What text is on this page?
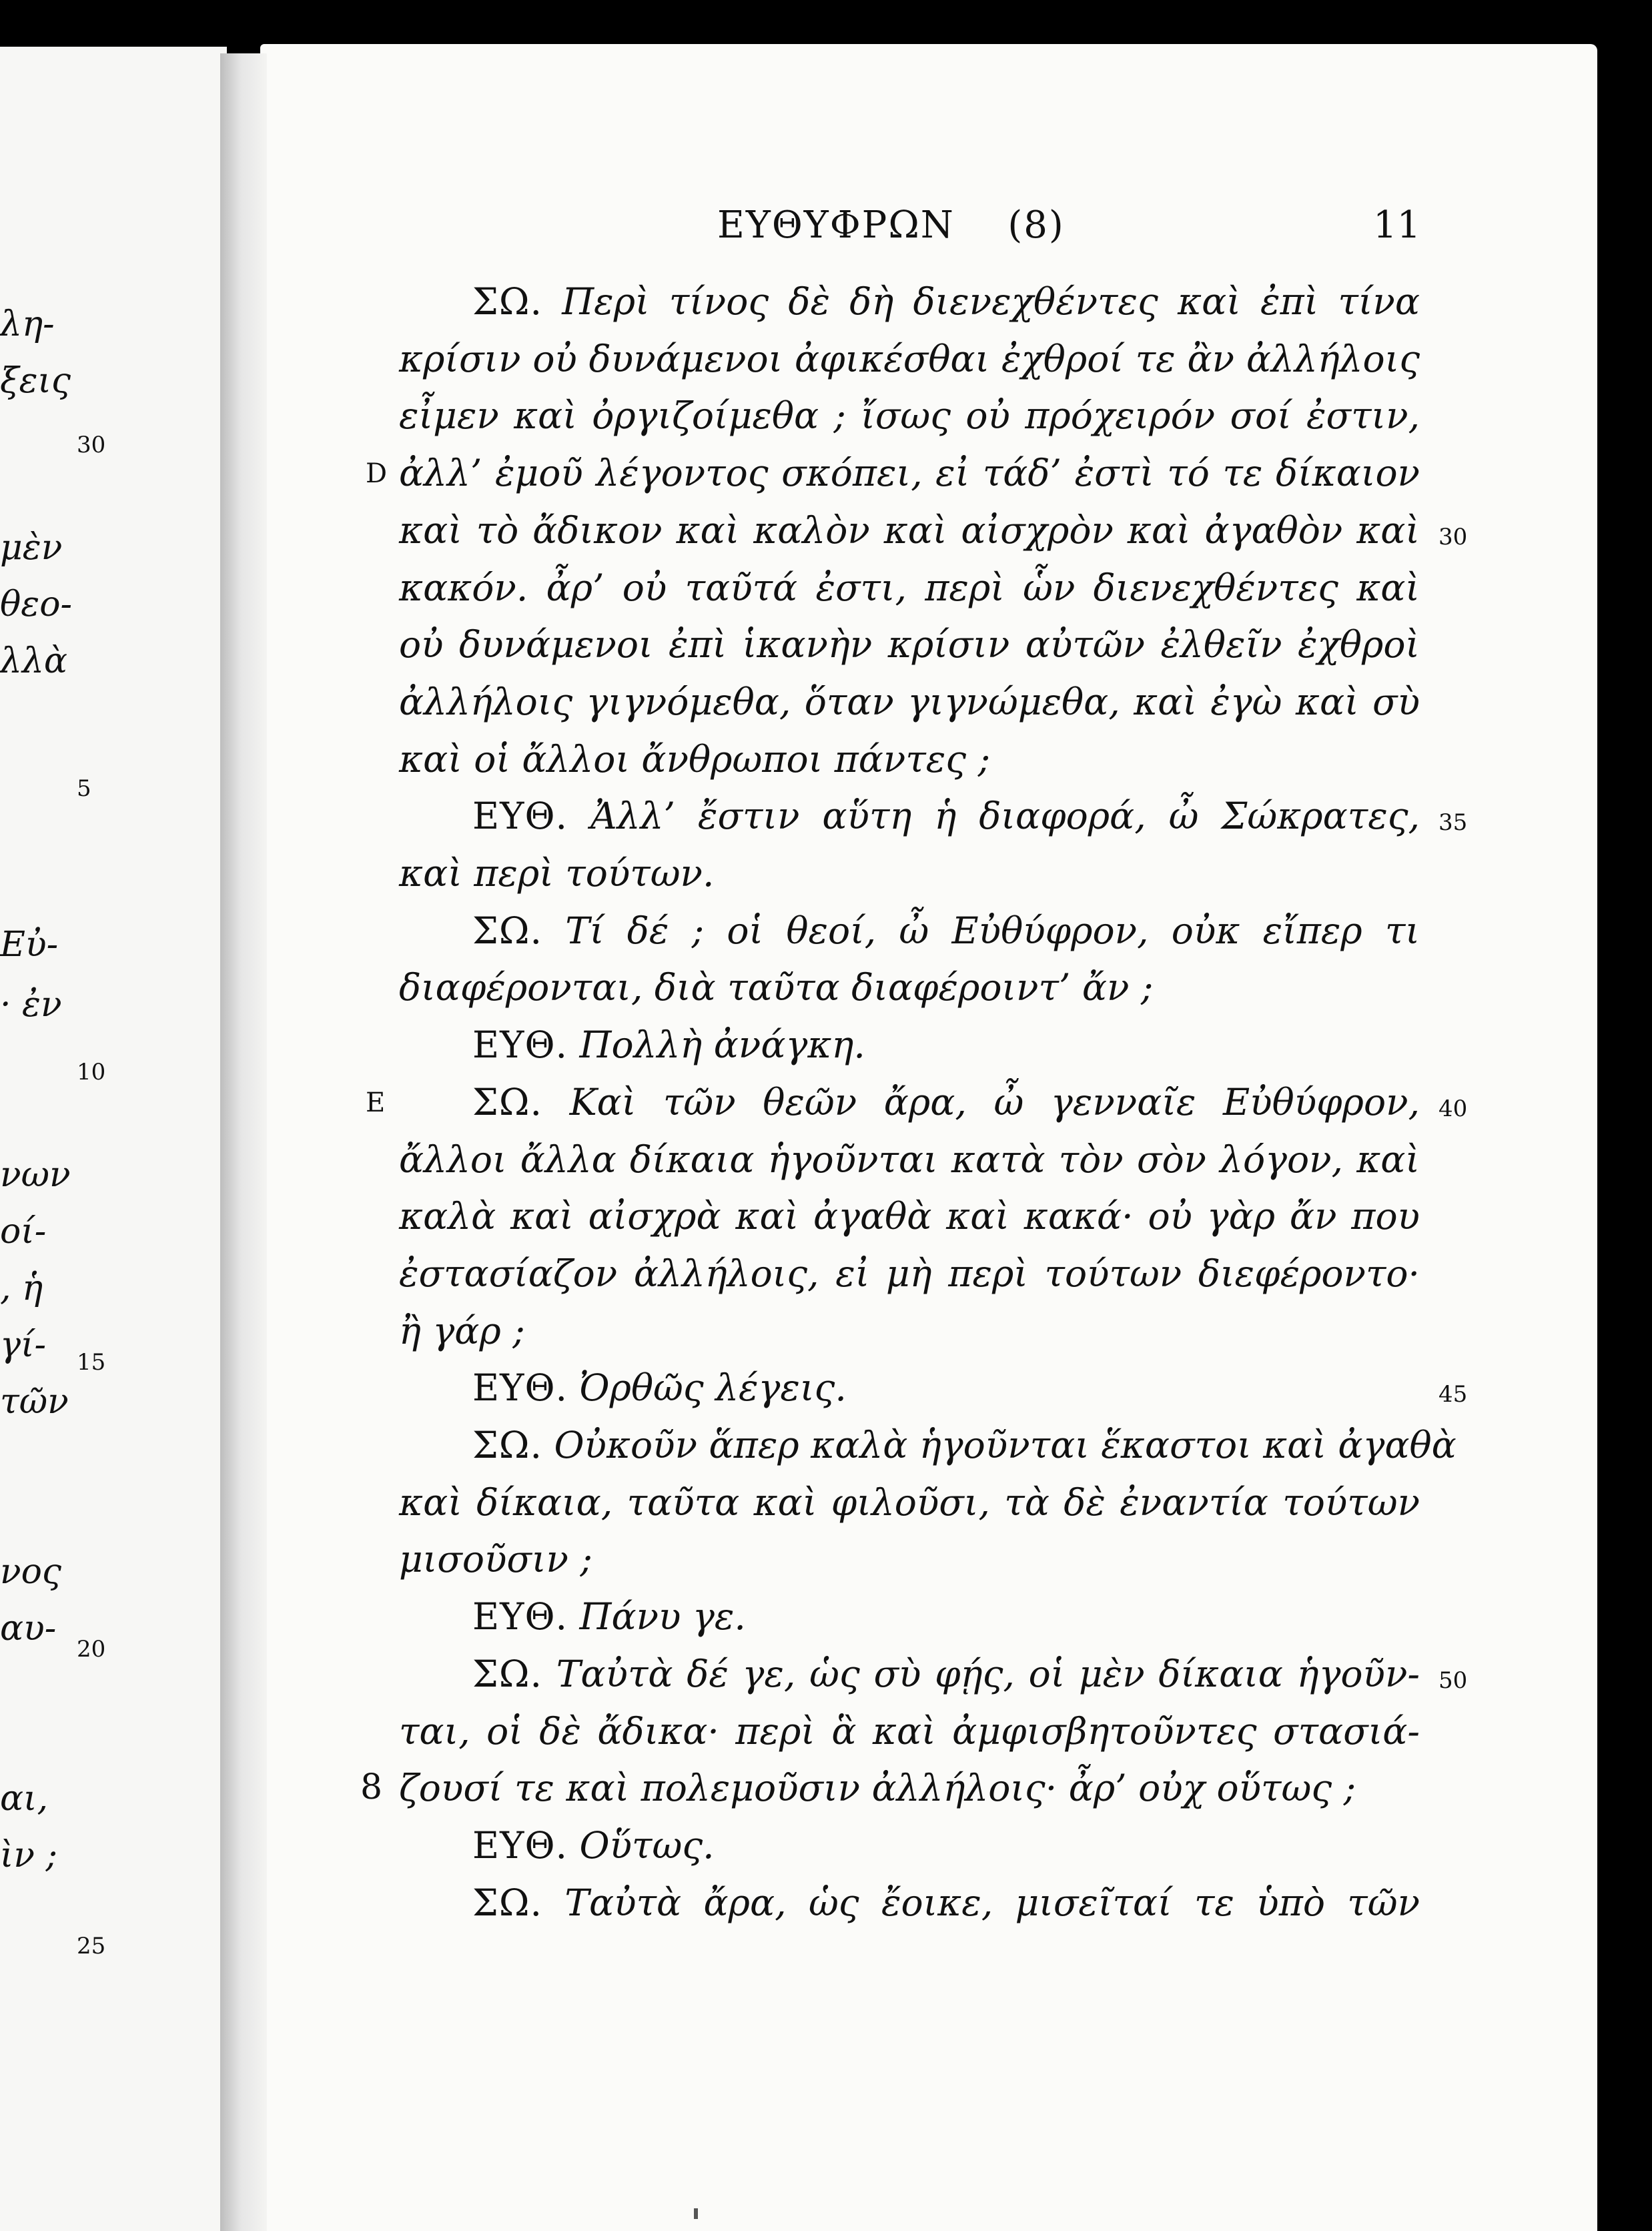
λη-
ξεις
μὲν
θεο-
λλὰ
Εὐ-
· ἐν
νων
οί-
, ἡ
γί-
τῶν
νος
αυ-
αι,
ὶν ;
30
5
10
15
20
25
ΕΥΘΥΦΡΩΝ (8)	11
ΣΩ. Περὶ τίνος δὲ δὴ διενεχθέντες καὶ ἐπὶ τίνα
κρίσιν οὐ δυνάμενοι ἀφικέσθαι ἐχθροί τε ἂν ἀλλήλοις
εἶμεν καὶ ὀργιζοίμεθα ; ἴσως οὐ πρόχειρόν σοί ἐστιν,
ἀλλ’ ἐμοῦ λέγοντος σκόπει, εἰ τάδ’ ἐστὶ τό τε δίκαιον
D
καὶ τὸ ἄδικον καὶ καλὸν καὶ αἰσχρὸν καὶ ἀγαθὸν καὶ 30
κακόν. ἆρ’ οὐ ταῦτά ἐστι, περὶ ὧν διενεχθέντες καὶ
οὐ δυνάμενοι ἐπὶ ἱκανὴν κρίσιν αὐτῶν ἐλθεῖν ἐχθροὶ
ἀλλήλοις γιγνόμεθα, ὅταν γιγνώμεθα, καὶ ἐγὼ καὶ σὺ
καὶ οἱ ἄλλοι ἄνθρωποι πάντες ;
ΕΥΘ. Ἀλλ’ ἔστιν αὕτη ἡ διαφορά, ὦ Σώκρατες, 35
καὶ περὶ τούτων.
ΣΩ. Τί δέ ; οἱ θεοί, ὦ Εὐθύφρον, οὐκ εἴπερ τι
διαφέρονται, διὰ ταῦτα διαφέροιντ’ ἄν ;
ΕΥΘ. Πολλὴ ἀνάγκη.
ΣΩ. Καὶ τῶν θεῶν ἄρα, ὦ γενναῖε Εὐθύφρον,
E	40
ἄλλοι ἄλλα δίκαια ἡγοῦνται κατὰ τὸν σὸν λόγον, καὶ
καλὰ καὶ αἰσχρὰ καὶ ἀγαθὰ καὶ κακά· οὐ γὰρ ἄν που
ἐστασίαζον ἀλλήλοις, εἰ μὴ περὶ τούτων διεφέροντο·
ἢ γάρ ;
ΕΥΘ. Ὀρθῶς λέγεις.	45
ΣΩ. Οὐκοῦν ἅπερ καλὰ ἡγοῦνται ἕκαστοι καὶ ἀγαθὰ
καὶ δίκαια, ταῦτα καὶ φιλοῦσι, τὰ δὲ ἐναντία τούτων
μισοῦσιν ;
ΕΥΘ. Πάνυ γε.
ΣΩ. Ταὐτὰ δέ γε, ὡς σὺ φῄς, οἱ μὲν δίκαια ἡγοῦν- 50
ται, οἱ δὲ ἄδικα· περὶ ἃ καὶ ἀμφισβητοῦντες στασιά-
ζουσί τε καὶ πολεμοῦσιν ἀλλήλοις· ἆρ’ οὐχ οὕτως ;
8
ΕΥΘ. Οὕτως.
ΣΩ. Ταὐτὰ ἄρα, ὡς ἔοικε, μισεῖταί τε ὑπὸ τῶν
